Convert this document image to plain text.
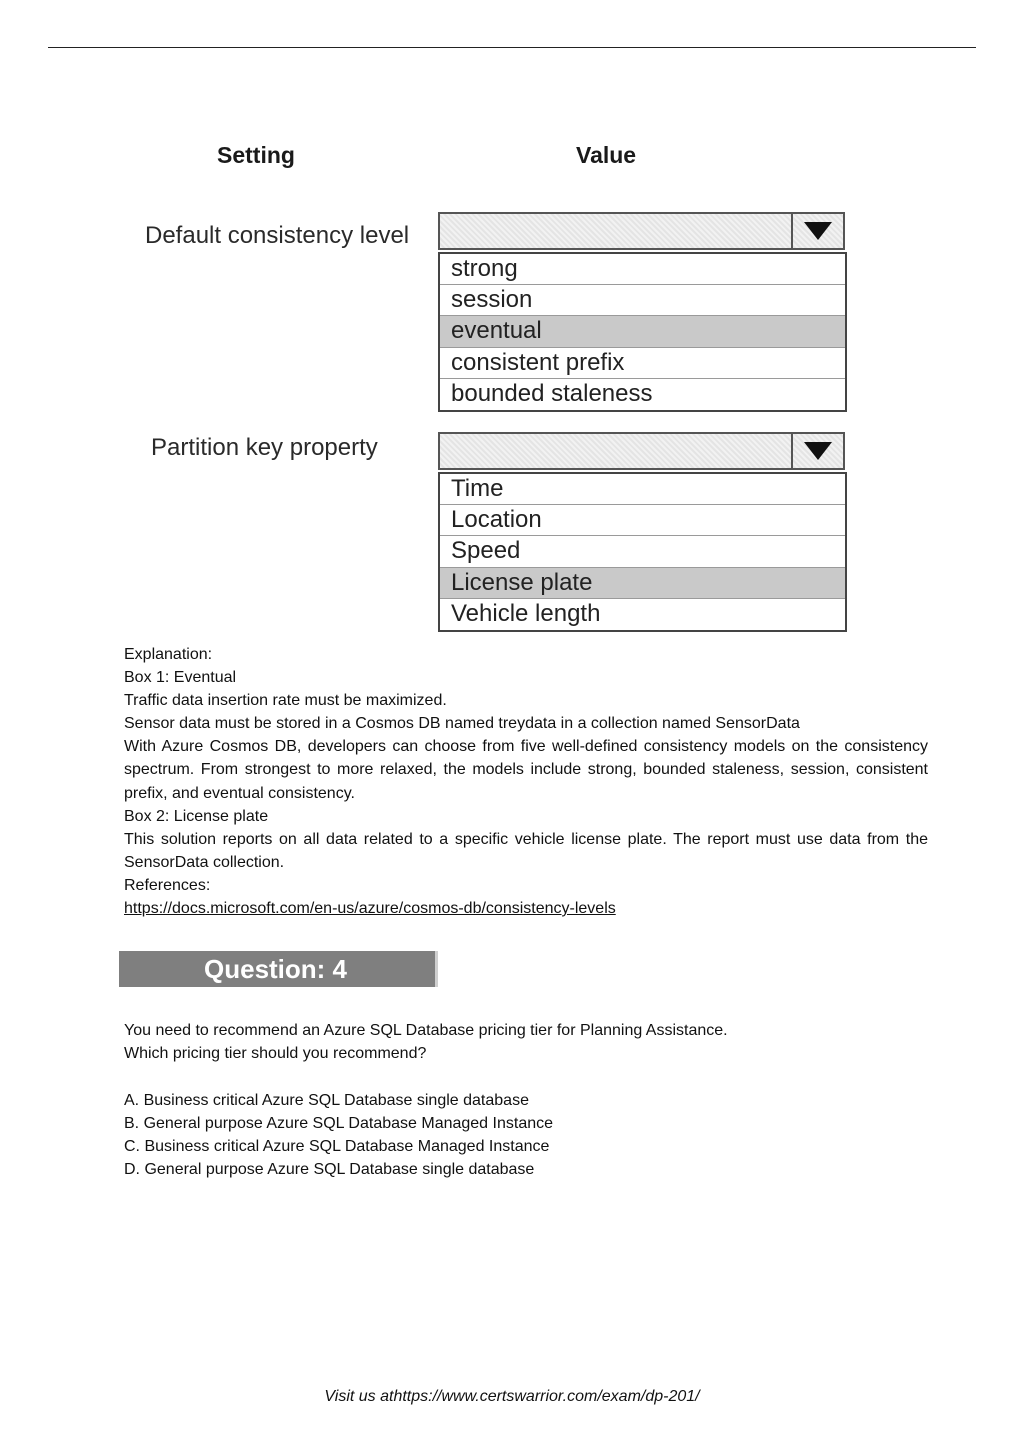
Setting	Value
Default consistency level
strong
session
eventual
consistent prefix
bounded staleness
Partition key property
Time
Location
Speed
License plate
Vehicle length

Explanation:

Box 1: Eventual

Traffic data insertion rate must be maximized.

Sensor data must be stored in a Cosmos DB named treydata in a collection named SensorData

With Azure Cosmos DB, developers can choose from five well-defined consistency models on the consistency spectrum. From strongest to more relaxed, the models include strong, bounded staleness, session, consistent prefix, and eventual consistency.

Box 2: License plate

This solution reports on all data related to a specific vehicle license plate. The report must use data from the SensorData collection.

References:

https://docs.microsoft.com/en-us/azure/cosmos-db/consistency-levels

Question: 4

You need to recommend an Azure SQL Database pricing tier for Planning Assistance.

Which pricing tier should you recommend?

A. Business critical Azure SQL Database single database

B. General purpose Azure SQL Database Managed Instance

C. Business critical Azure SQL Database Managed Instance

D. General purpose Azure SQL Database single database

Visit us athttps://www.certswarrior.com/exam/dp-201/
